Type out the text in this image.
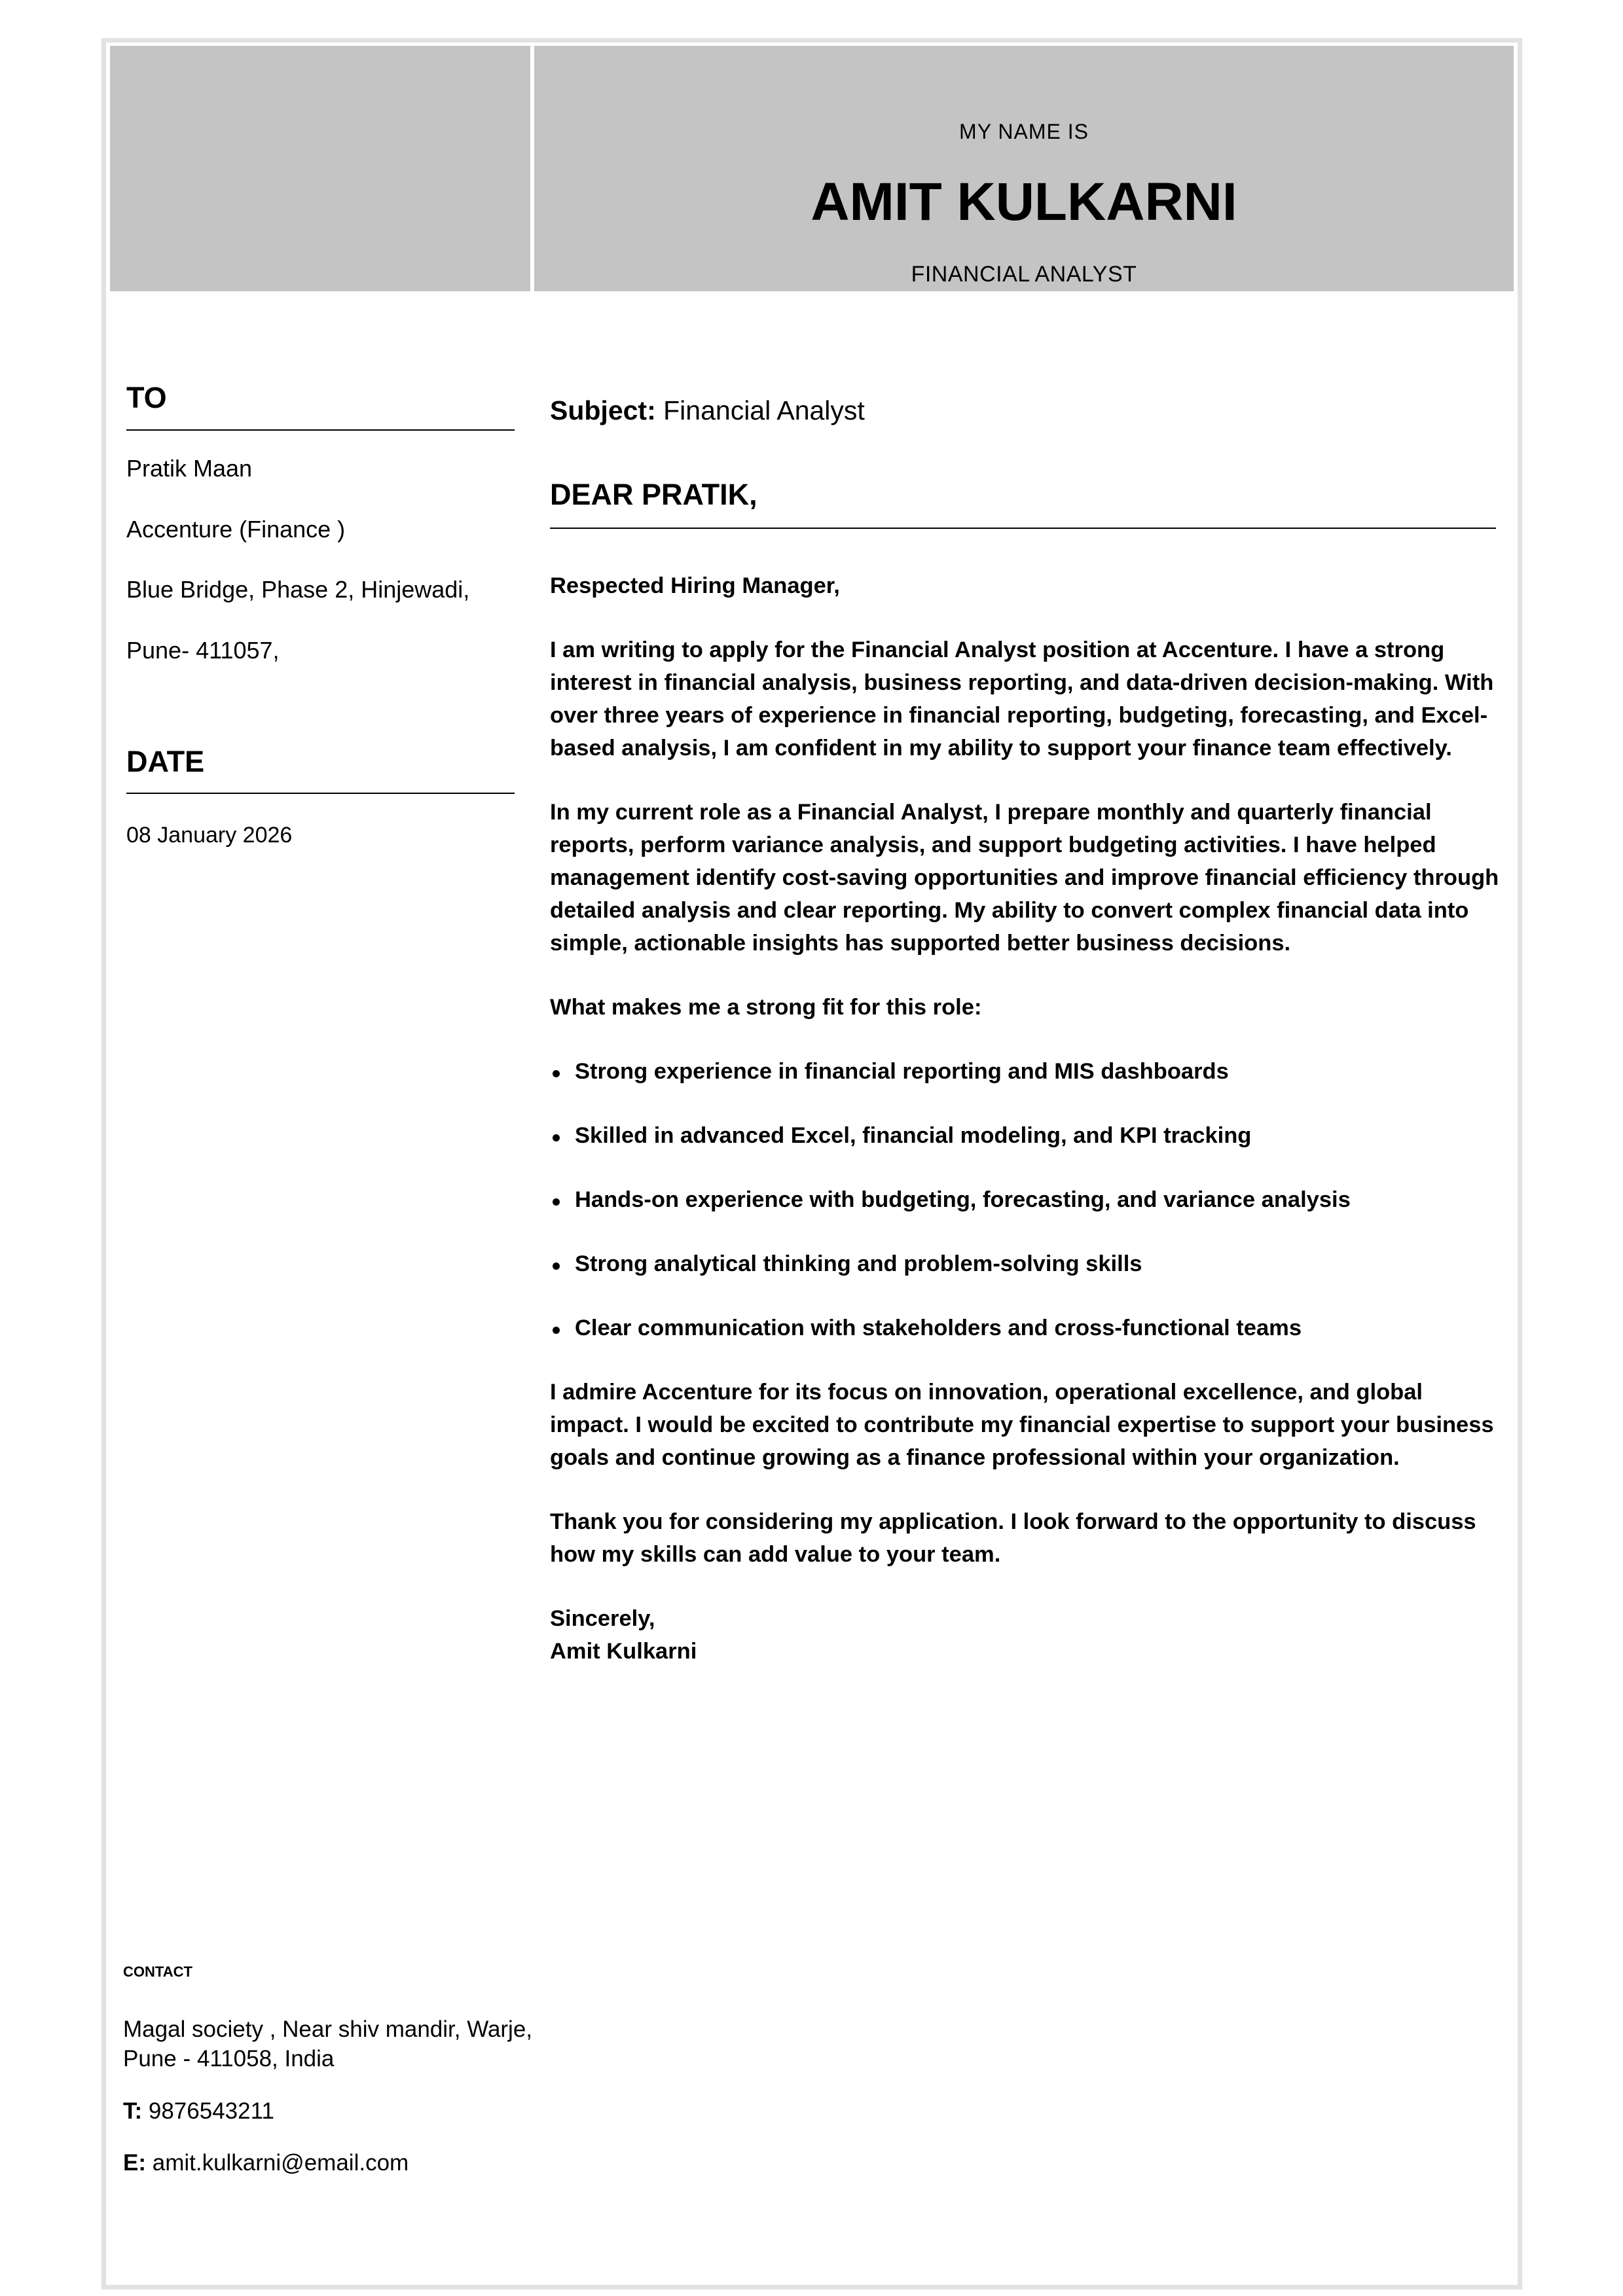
MY NAME IS
AMIT KULKARNI
FINANCIAL ANALYST
TO
Pratik Maan
Accenture (Finance )
Blue Bridge, Phase 2, Hinjewadi,
Pune- 411057,
DATE
08 January 2026
Subject: Financial Analyst
DEAR PRATIK,

Respected Hiring Manager,

I am writing to apply for the Financial Analyst position at Accenture. I have a strong interest in financial analysis, business reporting, and data-driven decision-making. With over three years of experience in financial reporting, budgeting, forecasting, and Excel-based analysis, I am confident in my ability to support your finance team effectively.

In my current role as a Financial Analyst, I prepare monthly and quarterly financial reports, perform variance analysis, and support budgeting activities. I have helped management identify cost-saving opportunities and improve financial efficiency through detailed analysis and clear reporting. My ability to convert complex financial data into simple, actionable insights has supported better business decisions.

What makes me a strong fit for this role:

Strong experience in financial reporting and MIS dashboards
Skilled in advanced Excel, financial modeling, and KPI tracking
Hands-on experience with budgeting, forecasting, and variance analysis
Strong analytical thinking and problem-solving skills
Clear communication with stakeholders and cross-functional teams

I admire Accenture for its focus on innovation, operational excellence, and global impact. I would be excited to contribute my financial expertise to support your business goals and continue growing as a finance professional within your organization.

Thank you for considering my application. I look forward to the opportunity to discuss how my skills can add value to your team.

Sincerely,
Amit Kulkarni
CONTACT
Magal society , Near shiv mandir, Warje,
Pune - 411058, India
T: 9876543211
E: amit.kulkarni@email.com
